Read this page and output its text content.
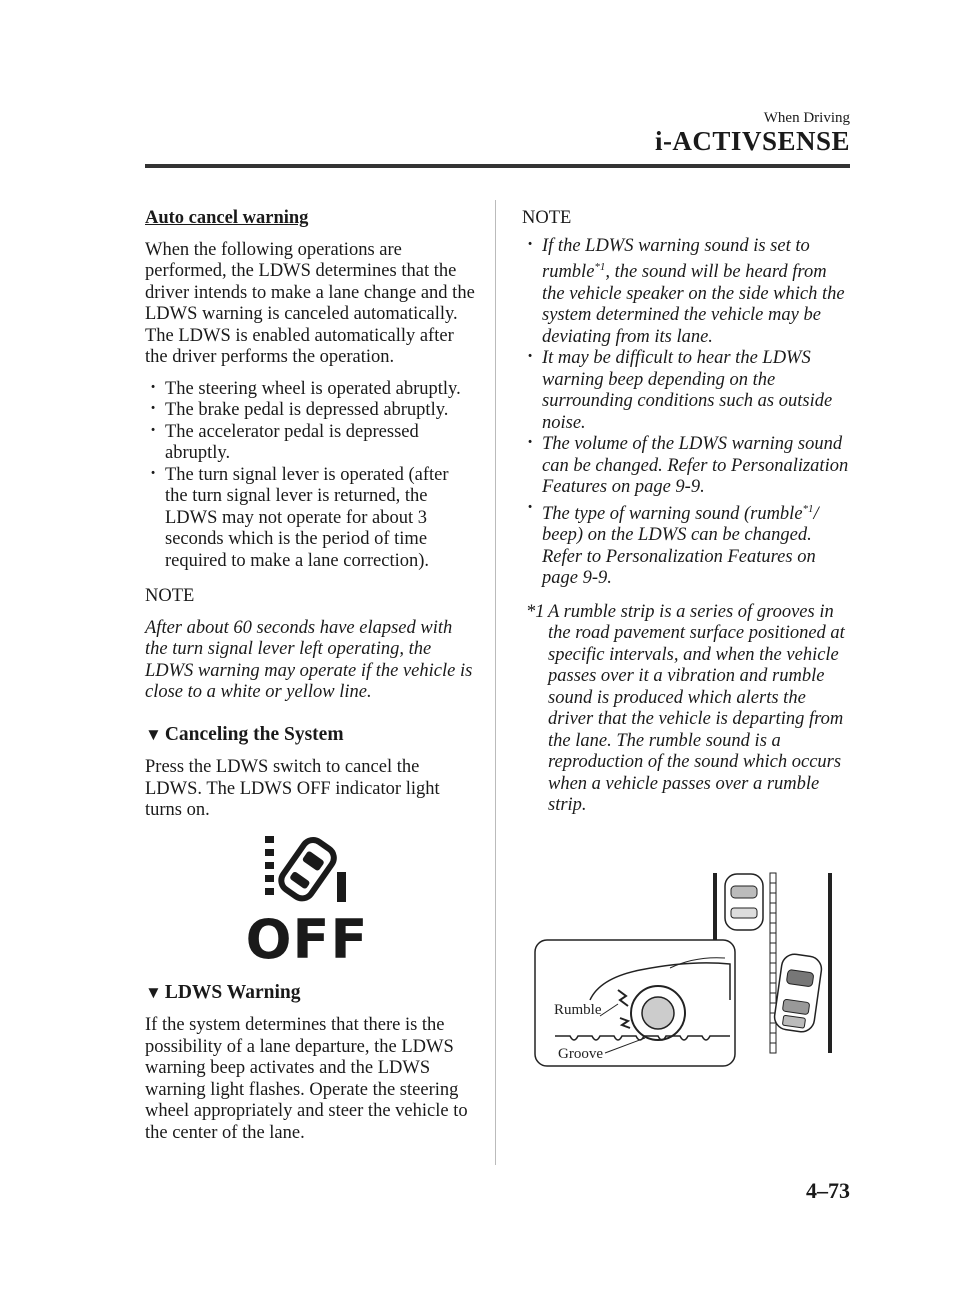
When Driving
i-ACTIVSENSE
Auto cancel warning

When the following operations are performed, the LDWS determines that the driver intends to make a lane change and the LDWS warning is canceled automatically. The LDWS is enabled automatically after the driver performs the operation.

· The steering wheel is operated abruptly.
· The brake pedal is depressed abruptly.
· The accelerator pedal is depressed abruptly.
· The turn signal lever is operated (after the turn signal lever is returned, the LDWS may not operate for about 3 seconds which is the period of time required to make a lane correction).
NOTE

After about 60 seconds have elapsed with the turn signal lever left operating, the LDWS warning may operate if the vehicle is close to a white or yellow line.

▼ Canceling the System

Press the LDWS switch to cancel the LDWS. The LDWS OFF indicator light turns on.

OFF
▼ LDWS Warning

If the system determines that there is the possibility of a lane departure, the LDWS warning beep activates and the LDWS warning light flashes. Operate the steering wheel appropriately and steer the vehicle to the center of the lane.

NOTE
· If the LDWS warning sound is set to rumble$^{*1}$, the sound will be heard from the vehicle speaker on the side which the system determined the vehicle may be deviating from its lane.
· It may be difficult to hear the LDWS warning beep depending on the surrounding conditions such as outside noise.
· The volume of the LDWS warning sound can be changed. Refer to Personalization Features on page 9-9.
· The type of warning sound (rumble$^{*1}$/ beep) on the LDWS can be changed. Refer to Personalization Features on page 9-9.
*1 A rumble strip is a series of grooves in the road pavement surface positioned at specific intervals, and when the vehicle passes over it a vibration and rumble sound is produced which alerts the driver that the vehicle is departing from the lane. The rumble sound is a reproduction of the sound which occurs when a vehicle passes over a rumble strip.
Rumble
Groove
4–73
